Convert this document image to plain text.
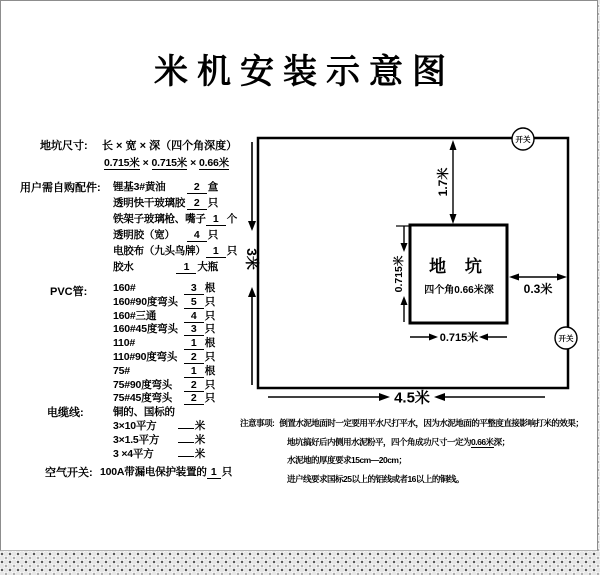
米机安装示意图
地坑尺寸: 长 × 宽 × 深（四个角深度）
0.715米 × 0.715米 × 0.66米
用户需自购配件: 锂基3#黄油	2 盒
透明快干玻璃胶 2 只
铁架子玻璃枪、嘴子 1 个
透明胶（宽）	4 只
电胶布（九头鸟牌） 1 只
胶水	1 大瓶
PVC管: 160#	3 根
160#90度弯头	5 只
160#三通	4 只
160#45度弯头	3 只
110#	1 根
110#90度弯头	2 只
75#	1 根
75#90度弯头	2 只
75#45度弯头	2 只
电缆线:	铜的、国标的
3×10平方	米
3×1.5平方	米
3 ×4平方	米
空气开关: 100A带漏电保护装置的 1 只
1.7米
地 坑
四个角0.66米深
0.715米
0.715米
0.3米
3米
4.5米
开关
开关
注意事项: 倒置水泥地面时一定要用平水尺打平水，因为水泥地面的平整度直接影响打米的效果；
地坑搞好后内侧用水泥粉平，四个角成功尺寸一定为0.66米深；
水泥地的厚度要求15cm—20cm；
进户线要求国标25以上的铝线或者16以上的铜线。
